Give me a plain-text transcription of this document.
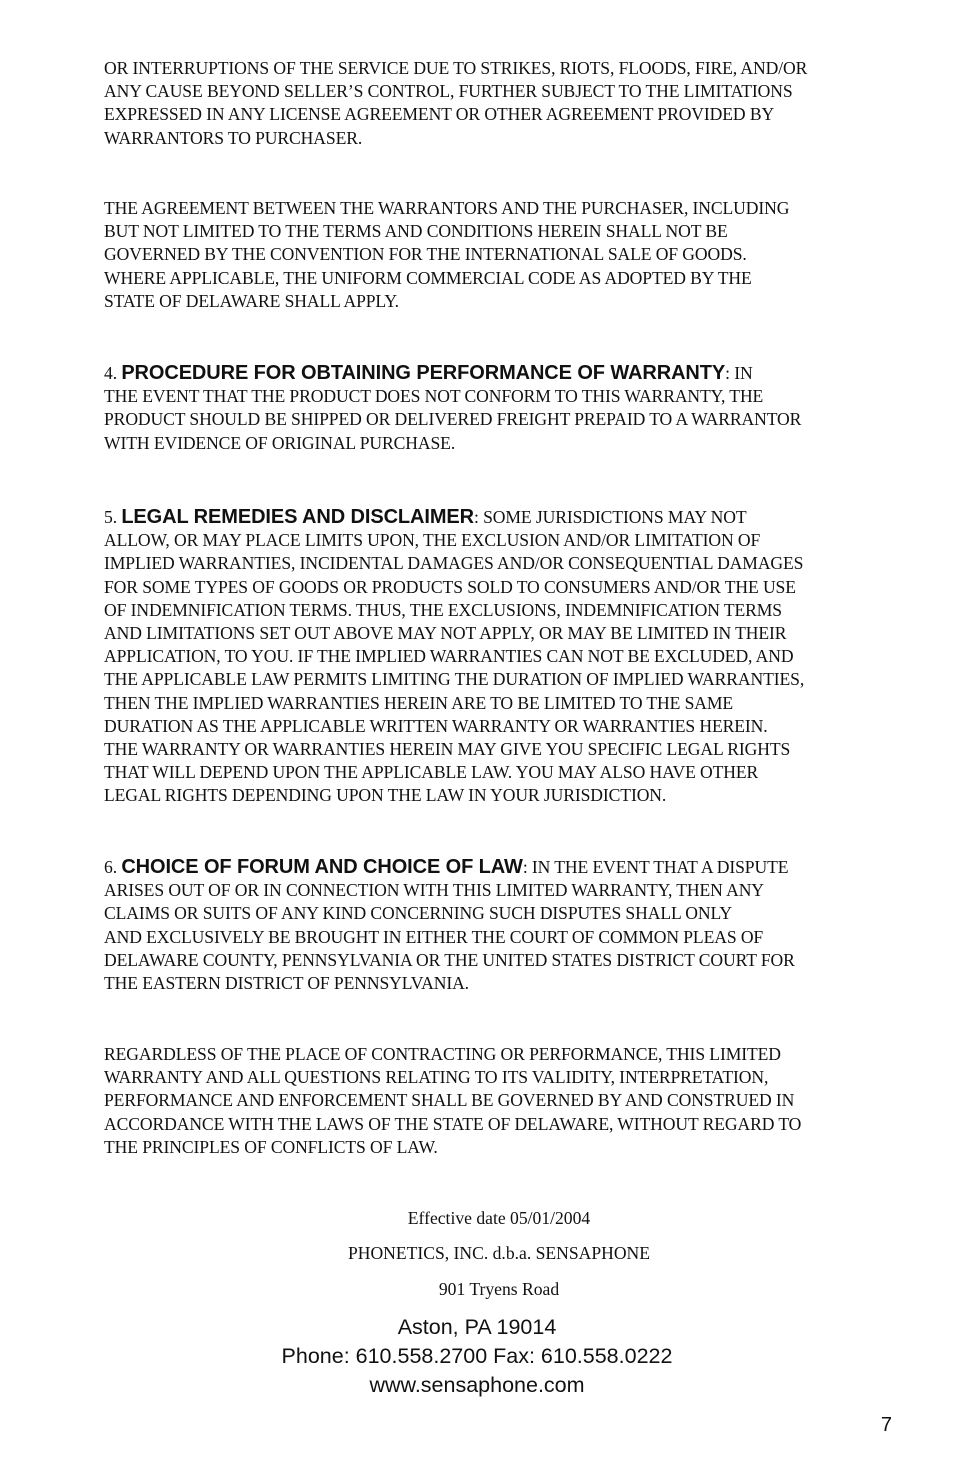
OR INTERRUPTIONS OF THE SERVICE DUE TO STRIKES, RIOTS, FLOODS, FIRE, AND/OR
ANY CAUSE BEYOND SELLER’S CONTROL, FURTHER SUBJECT TO THE LIMITATIONS
EXPRESSED IN ANY LICENSE AGREEMENT OR OTHER AGREEMENT PROVIDED BY
WARRANTORS TO PURCHASER.

THE AGREEMENT BETWEEN THE WARRANTORS AND THE PURCHASER, INCLUDING
BUT NOT LIMITED TO THE TERMS AND CONDITIONS HEREIN SHALL NOT BE
GOVERNED BY THE CONVENTION FOR THE INTERNATIONAL SALE OF GOODS.
WHERE APPLICABLE, THE UNIFORM COMMERCIAL CODE AS ADOPTED BY THE
STATE OF DELAWARE SHALL APPLY.

4. PROCEDURE FOR OBTAINING PERFORMANCE OF WARRANTY: IN
THE EVENT THAT THE PRODUCT DOES NOT CONFORM TO THIS WARRANTY, THE
PRODUCT SHOULD BE SHIPPED OR DELIVERED FREIGHT PREPAID TO A WARRANTOR
WITH EVIDENCE OF ORIGINAL PURCHASE.

5. LEGAL REMEDIES AND DISCLAIMER: SOME JURISDICTIONS MAY NOT
ALLOW, OR MAY PLACE LIMITS UPON, THE EXCLUSION AND/OR LIMITATION OF
IMPLIED WARRANTIES, INCIDENTAL DAMAGES AND/OR CONSEQUENTIAL DAMAGES
FOR SOME TYPES OF GOODS OR PRODUCTS SOLD TO CONSUMERS AND/OR THE USE
OF INDEMNIFICATION TERMS. THUS, THE EXCLUSIONS, INDEMNIFICATION TERMS
AND LIMITATIONS SET OUT ABOVE MAY NOT APPLY, OR MAY BE LIMITED IN THEIR
APPLICATION, TO YOU. IF THE IMPLIED WARRANTIES CAN NOT BE EXCLUDED, AND
THE APPLICABLE LAW PERMITS LIMITING THE DURATION OF IMPLIED WARRANTIES,
THEN THE IMPLIED WARRANTIES HEREIN ARE TO BE LIMITED TO THE SAME
DURATION AS THE APPLICABLE WRITTEN WARRANTY OR WARRANTIES HEREIN.
THE WARRANTY OR WARRANTIES HEREIN MAY GIVE YOU SPECIFIC LEGAL RIGHTS
THAT WILL DEPEND UPON THE APPLICABLE LAW. YOU MAY ALSO HAVE OTHER
LEGAL RIGHTS DEPENDING UPON THE LAW IN YOUR JURISDICTION.

6. CHOICE OF FORUM AND CHOICE OF LAW: IN THE EVENT THAT A DISPUTE
ARISES OUT OF OR IN CONNECTION WITH THIS LIMITED WARRANTY, THEN ANY
CLAIMS OR SUITS OF ANY KIND CONCERNING SUCH DISPUTES SHALL ONLY
AND EXCLUSIVELY BE BROUGHT IN EITHER THE COURT OF COMMON PLEAS OF
DELAWARE COUNTY, PENNSYLVANIA OR THE UNITED STATES DISTRICT COURT FOR
THE EASTERN DISTRICT OF PENNSYLVANIA.

REGARDLESS OF THE PLACE OF CONTRACTING OR PERFORMANCE, THIS LIMITED
WARRANTY AND ALL QUESTIONS RELATING TO ITS VALIDITY, INTERPRETATION,
PERFORMANCE AND ENFORCEMENT SHALL BE GOVERNED BY AND CONSTRUED IN
ACCORDANCE WITH THE LAWS OF THE STATE OF DELAWARE, WITHOUT REGARD TO
THE PRINCIPLES OF CONFLICTS OF LAW.

Effective date 05/01/2004

PHONETICS, INC. d.b.a. SENSAPHONE

901 Tryens Road

Aston, PA 19014

Phone: 610.558.2700 Fax: 610.558.0222

www.sensaphone.com

7
